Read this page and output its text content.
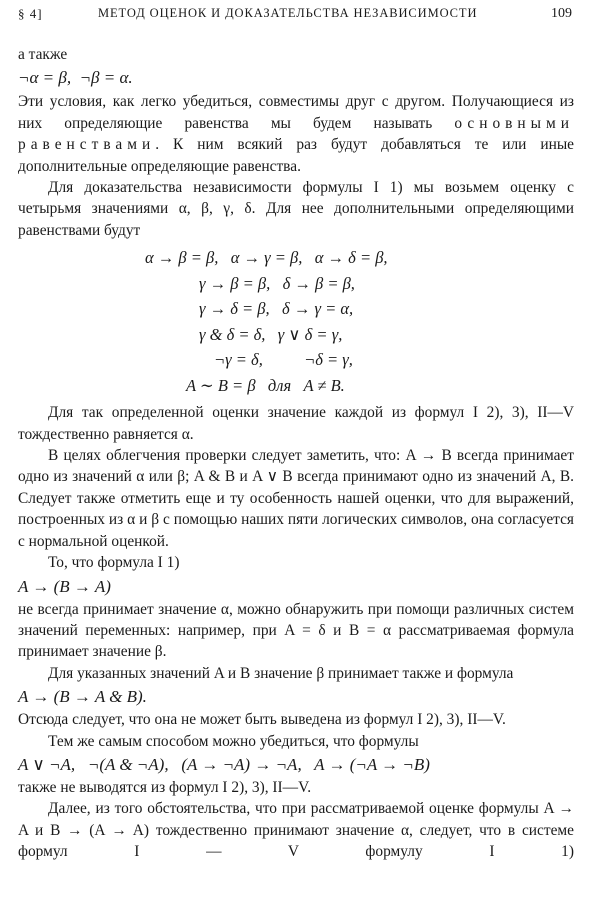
§ 4]	МЕТОД ОЦЕНОК И ДОКАЗАТЕЛЬСТВА НЕЗАВИСИМОСТИ	109

а также

¬α = β,  ¬β = α.

Эти условия, как легко убедиться, совместимы друг с другом. Получающиеся из них определяющие равенства мы будем называть основными равенствами. К ним всякий раз будут добавляться те или иные дополнительные определяющие равенства.

Для доказательства независимости формулы I 1) мы возьмем оценку с четырьмя значениями α, β, γ, δ. Для нее дополнительными определяющими равенствами будут

α → β = β,   α → γ = β,   α → δ = β,
γ → β = β,   δ → β = β,
γ → δ = β,   δ → γ = α,
γ & δ = δ,   γ ∨ δ = γ,
¬γ = δ,          ¬δ = γ,
A ∼ B = β   для   A ≠ B.

Для так определенной оценки значение каждой из формул I 2), 3), II—V тождественно равняется α.

В целях облегчения проверки следует заметить, что: A → B всегда принимает одно из значений α или β; A & B и A ∨ B всегда принимают одно из значений A, B. Следует также отметить еще и ту особенность нашей оценки, что для выражений, построенных из α и β с помощью наших пяти логических символов, она согласуется с нормальной оценкой.

То, что формула I 1)

A → (B → A)

не всегда принимает значение α, можно обнаружить при помощи различных систем значений переменных: например, при A = δ и B = α рассматриваемая формула принимает значение β.

Для указанных значений A и B значение β принимает также и формула

A → (B → A & B).

Отсюда следует, что она не может быть выведена из формул I 2), 3), II—V.

Тем же самым способом можно убедиться, что формулы

A ∨ ¬A,   ¬(A & ¬A),   (A → ¬A) → ¬A,   A → (¬A → ¬B)

также не выводятся из формул I 2), 3), II—V.

Далее, из того обстоятельства, что при рассматриваемой оценке формулы A → A и B → (A → A) тождественно принимают значение α, следует, что в системе формул I — V формулу I 1)
